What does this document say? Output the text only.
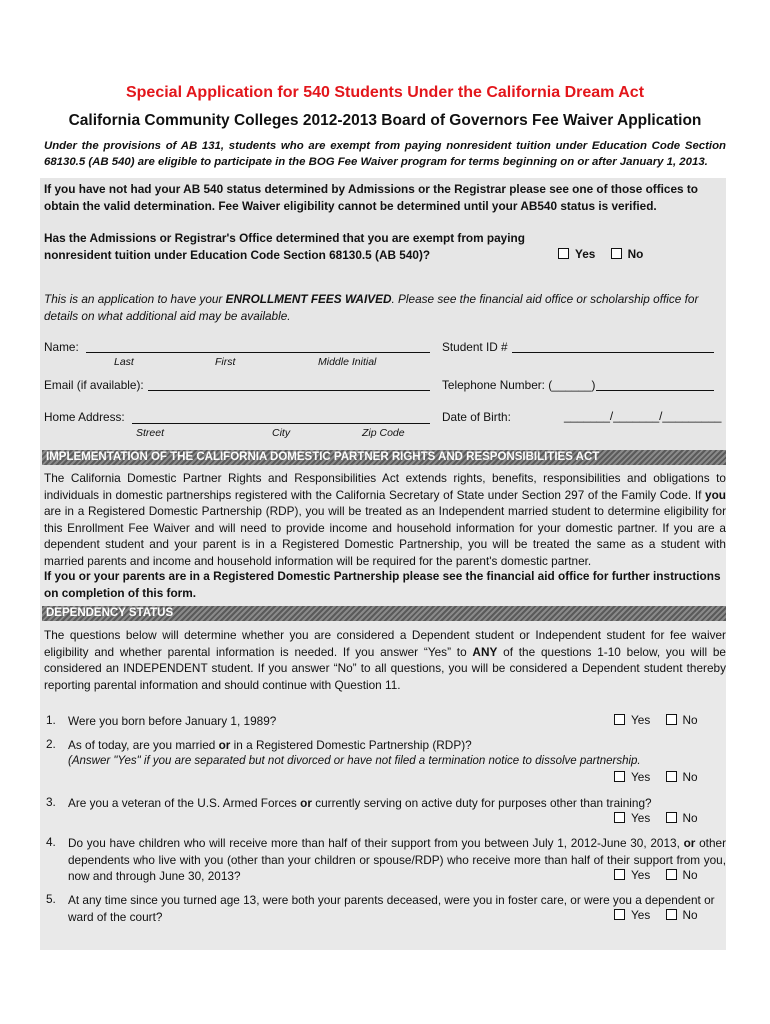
Special Application for 540 Students Under the California Dream Act
California Community Colleges 2012-2013 Board of Governors Fee Waiver Application
Under the provisions of AB 131, students who are exempt from paying nonresident tuition under Education Code Section 68130.5 (AB 540) are eligible to participate in the BOG Fee Waiver program for terms beginning on or after January 1, 2013.
If you have not had your AB 540 status determined by Admissions or the Registrar please see one of those offices to obtain the valid determination. Fee Waiver eligibility cannot be determined until your AB540 status is verified.
Has the Admissions or Registrar's Office determined that you are exempt from paying nonresident tuition under Education Code Section 68130.5 (AB 540)?	Yes	No
This is an application to have your ENROLLMENT FEES WAIVED. Please see the financial aid office or scholarship office for details on what additional aid may be available.
Name:
Last	First	Middle Initial
Student ID #
Email (if available):	Telephone Number: (______)
Home Address:
Street	City	Zip Code
Date of Birth:	_______/_______/_________
IMPLEMENTATION OF THE CALIFORNIA DOMESTIC PARTNER RIGHTS AND RESPONSIBILITIES ACT
The California Domestic Partner Rights and Responsibilities Act extends rights, benefits, responsibilities and obligations to individuals in domestic partnerships registered with the California Secretary of State under Section 297 of the Family Code. If you are in a Registered Domestic Partnership (RDP), you will be treated as an Independent married student to determine eligibility for this Enrollment Fee Waiver and will need to provide income and household information for your domestic partner. If you are a dependent student and your parent is in a Registered Domestic Partnership, you will be treated the same as a student with married parents and income and household information will be required for the parent's domestic partner.
If you or your parents are in a Registered Domestic Partnership please see the financial aid office for further instructions on completion of this form.
DEPENDENCY STATUS
The questions below will determine whether you are considered a Dependent student or Independent student for fee waiver eligibility and whether parental information is needed. If you answer “Yes” to ANY of the questions 1-10 below, you will be considered an INDEPENDENT student. If you answer “No” to all questions, you will be considered a Dependent student thereby reporting parental information and should continue with Question 11.
1. Were you born before January 1, 1989?	Yes	No
2. As of today, are you married or in a Registered Domestic Partnership (RDP)?
(Answer "Yes" if you are separated but not divorced or have not filed a termination notice to dissolve partnership.
Yes	No
3. Are you a veteran of the U.S. Armed Forces or currently serving on active duty for purposes other than training?
Yes	No
4. Do you have children who will receive more than half of their support from you between July 1, 2012-June 30, 2013, or other dependents who live with you (other than your children or spouse/RDP) who receive more than half of their support from you, now and through June 30, 2013?	Yes	No
5. At any time since you turned age 13, were both your parents deceased, were you in foster care, or were you a dependent or ward of the court?	Yes	No
